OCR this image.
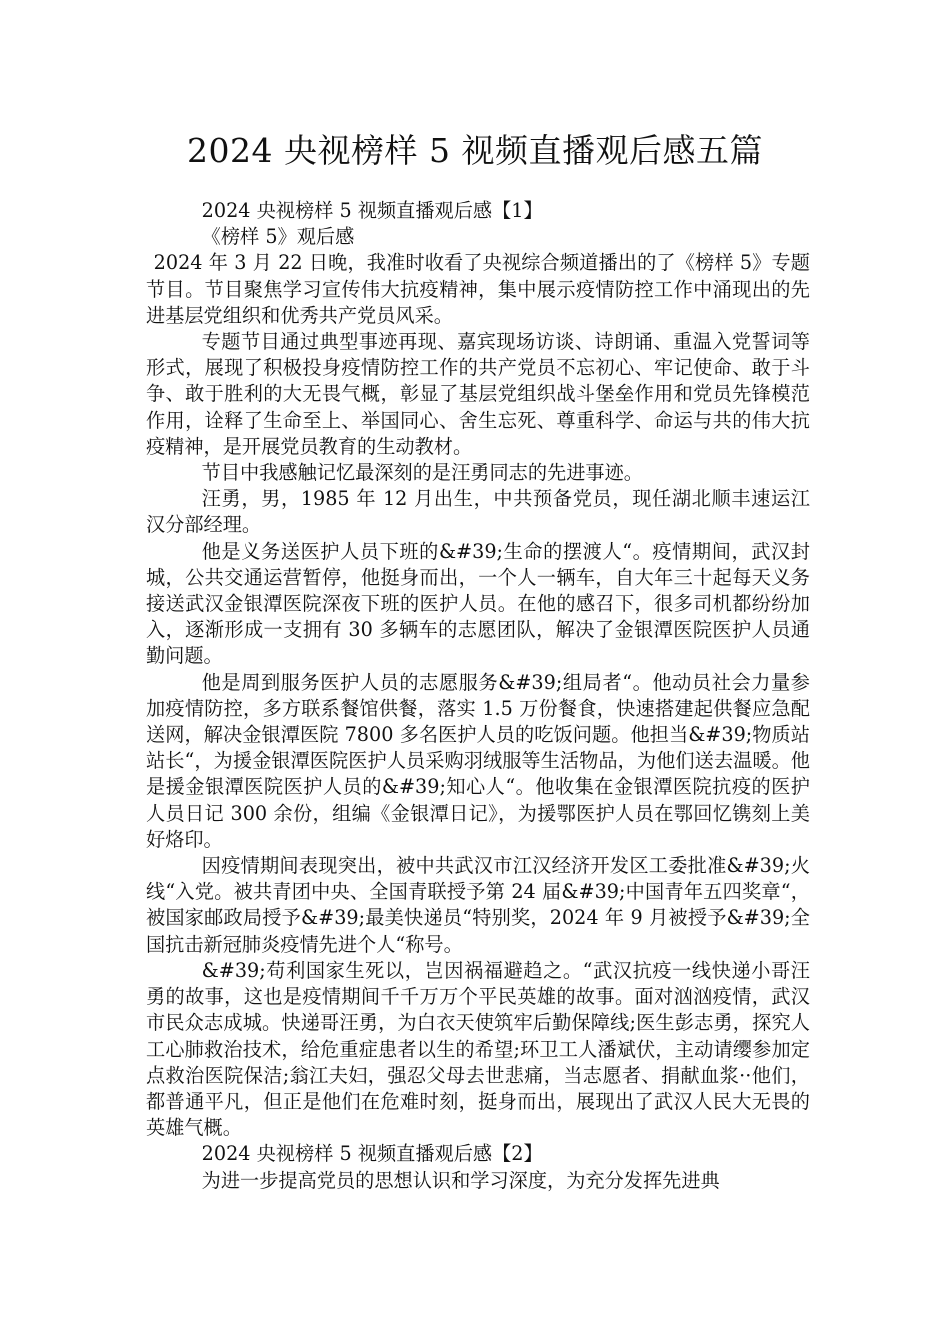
2024 央视榜样 5 视频直播观后感五篇

2024 央视榜样 5 视频直播观后感【1】

《榜样 5》观后感

2024 年 3 月 22 日晚，我准时收看了央视综合频道播出的了《榜样 5》专题节目。节目聚焦学习宣传伟大抗疫精神，集中展示疫情防控工作中涌现出的先进基层党组织和优秀共产党员风采。

专题节目通过典型事迹再现、嘉宾现场访谈、诗朗诵、重温入党誓词等形式，展现了积极投身疫情防控工作的共产党员不忘初心、牢记使命、敢于斗争、敢于胜利的大无畏气概，彰显了基层党组织战斗堡垒作用和党员先锋模范作用，诠释了生命至上、举国同心、舍生忘死、尊重科学、命运与共的伟大抗疫精神，是开展党员教育的生动教材。

节目中我感触记忆最深刻的是汪勇同志的先进事迹。

汪勇，男，1985 年 12 月出生，中共预备党员，现任湖北顺丰速运江汉分部经理。

他是义务送医护人员下班的&#39;生命的摆渡人“。疫情期间，武汉封城，公共交通运营暂停，他挺身而出，一个人一辆车，自大年三十起每天义务接送武汉金银潭医院深夜下班的医护人员。在他的感召下，很多司机都纷纷加入，逐渐形成一支拥有 30 多辆车的志愿团队，解决了金银潭医院医护人员通勤问题。

他是周到服务医护人员的志愿服务&#39;组局者“。他动员社会力量参加疫情防控，多方联系餐馆供餐，落实 1.5 万份餐食，快速搭建起供餐应急配送网，解决金银潭医院 7800 多名医护人员的吃饭问题。他担当&#39;物质站站长“，为援金银潭医院医护人员采购羽绒服等生活物品，为他们送去温暖。他是援金银潭医院医护人员的&#39;知心人“。他收集在金银潭医院抗疫的医护人员日记 300 余份，组编《金银潭日记》，为援鄂医护人员在鄂回忆镌刻上美好烙印。

因疫情期间表现突出，被中共武汉市江汉经济开发区工委批准&#39;火线“入党。被共青团中央、全国青联授予第 24 届&#39;中国青年五四奖章“，被国家邮政局授予&#39;最美快递员“特别奖，2024 年 9 月被授予&#39;全国抗击新冠肺炎疫情先进个人“称号。

&#39;苟利国家生死以，岂因祸福避趋之。“武汉抗疫一线快递小哥汪勇的故事，这也是疫情期间千千万万个平民英雄的故事。面对汹汹疫情，武汉市民众志成城。快递哥汪勇，为白衣天使筑牢后勤保障线;医生彭志勇，探究人工心肺救治技术，给危重症患者以生的希望;环卫工人潘斌伏，主动请缨参加定点救治医院保洁;翁江夫妇，强忍父母去世悲痛，当志愿者、捐献血浆··他们，都普通平凡，但正是他们在危难时刻，挺身而出，展现出了武汉人民大无畏的英雄气概。

2024 央视榜样 5 视频直播观后感【2】

为进一步提高党员的思想认识和学习深度，为充分发挥先进典
